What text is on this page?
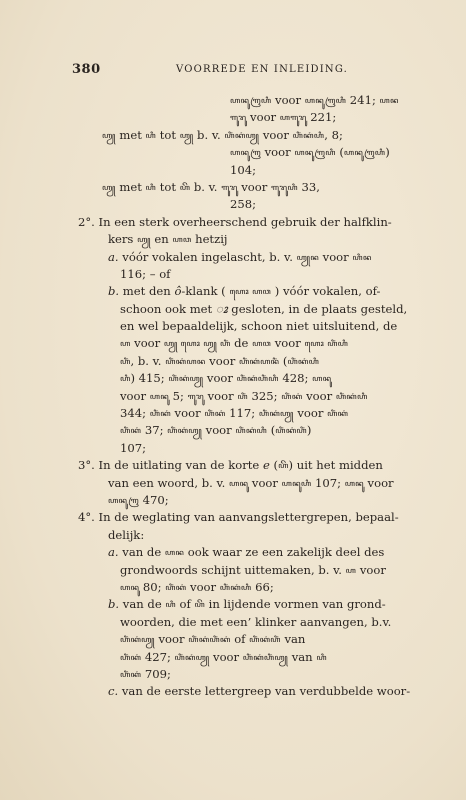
380	VOORREDE EN INLEIDING.
ꦲꦤꦸꦒꦿꦲꦶ voor ꦲꦤꦸꦒꦿꦲꦶ 241; ꦲꦤ
ꦒꦸꦫꦸ voor ꦲꦒꦸꦫꦸ 221;
ꦲꦾ met ꦲꦶ tot ꦲꦾ b. v. ꦲꦶꦁꦏꦁꦲꦾ voor ꦲꦶꦁꦏꦁꦲꦶ, 8;
ꦲꦤꦸꦒꦿ voor ꦲꦤꦸꦒꦿꦲꦶ (ꦲꦤꦸꦒꦿꦲꦶ)
104;
ꦲꦾ met ꦲꦶ tot ꦲꦼ b. v. ꦒꦸꦫꦸ voor ꦒꦸꦫꦸꦲꦶ 33,
258;
2°. In een sterk overheerschend gebruik der halfklin-
kers ꦲꦾ en ꦲꦮ hetzij
a. vóór vokalen ingelascht, b. v. ꦲꦾꦤ voor ꦲꦶꦤ
116; – of
b. met den ô-klank ( ꦲꦺꦴ ꦲꦮ ) vóór vokalen, of-
schoon ook met ꦴ gesloten, in de plaats gesteld,
en wel bepaaldelijk, schoon niet uitsluitend, de
ꦲ voor ꦲꦾ ꦲꦺꦴ ꦲꦾ ꦲꦶꦁ de ꦲꦮ voor ꦲꦺꦴ ꦲꦶꦁꦲꦶ
ꦲꦶꦁ, b. v. ꦲꦶꦁꦏꦁꦲꦤ voor ꦲꦶꦁꦏꦁꦲꦤꦶꦁ (ꦲꦶꦁꦏꦁꦲꦶ
ꦲꦶ) 415; ꦲꦶꦁꦏꦁꦲꦾ voor ꦲꦶꦁꦏꦁꦲꦶꦁꦲꦶ 428; ꦲꦤꦸ
voor ꦲꦤꦸ 5; ꦒꦸꦫꦸ voor ꦲꦶꦁ 325; ꦲꦶꦁꦏꦁ voor ꦲꦶꦁꦏꦁꦲꦶ
344; ꦲꦶꦁꦏꦁ voor ꦲꦶꦁꦏꦁ 117; ꦲꦶꦁꦏꦁꦲꦾ voor ꦲꦶꦁꦏꦁ
ꦲꦶꦁꦏꦁ 37; ꦲꦶꦁꦏꦁꦲꦾ voor ꦲꦶꦁꦏꦁꦲꦶ (ꦲꦶꦁꦏꦁꦲꦶꦁ)
107;
3°. In de uitlating van de korte e (ꦲꦼ) uit het midden
van een woord, b. v. ꦲꦤꦸ voor ꦲꦤꦸꦲꦶ 107; ꦲꦤꦸ voor
ꦲꦤꦸꦒꦿ 470;
4°. In de weglating van aanvangslettergrepen, bepaal-
delijk:
a. van de ꦲꦤ ook waar ze een zakelijk deel des
grondwoords schijnt uittemaken, b. v. ꦲ voor
ꦲꦤꦸ 80; ꦲꦶꦁꦏꦁ voor ꦲꦶꦁꦏꦁꦲꦶ 66;
b. van de ꦲꦶ of ꦲꦼ in lijdende vormen van grond-
woorden, die met een’ klinker aanvangen, b.v.
ꦲꦶꦁꦏꦁꦲꦾ voor ꦲꦶꦁꦏꦁꦲꦶꦁꦏꦁ of ꦲꦶꦁꦏꦁꦲꦶꦁ van
ꦲꦶꦁꦏꦁ 427; ꦲꦶꦁꦏꦁꦲꦾ voor ꦲꦶꦁꦏꦁꦲꦶꦁꦲꦾ van ꦲꦶ
ꦲꦶꦁꦏꦁ 709;
c. van de eerste lettergreep van verdubbelde woor-
